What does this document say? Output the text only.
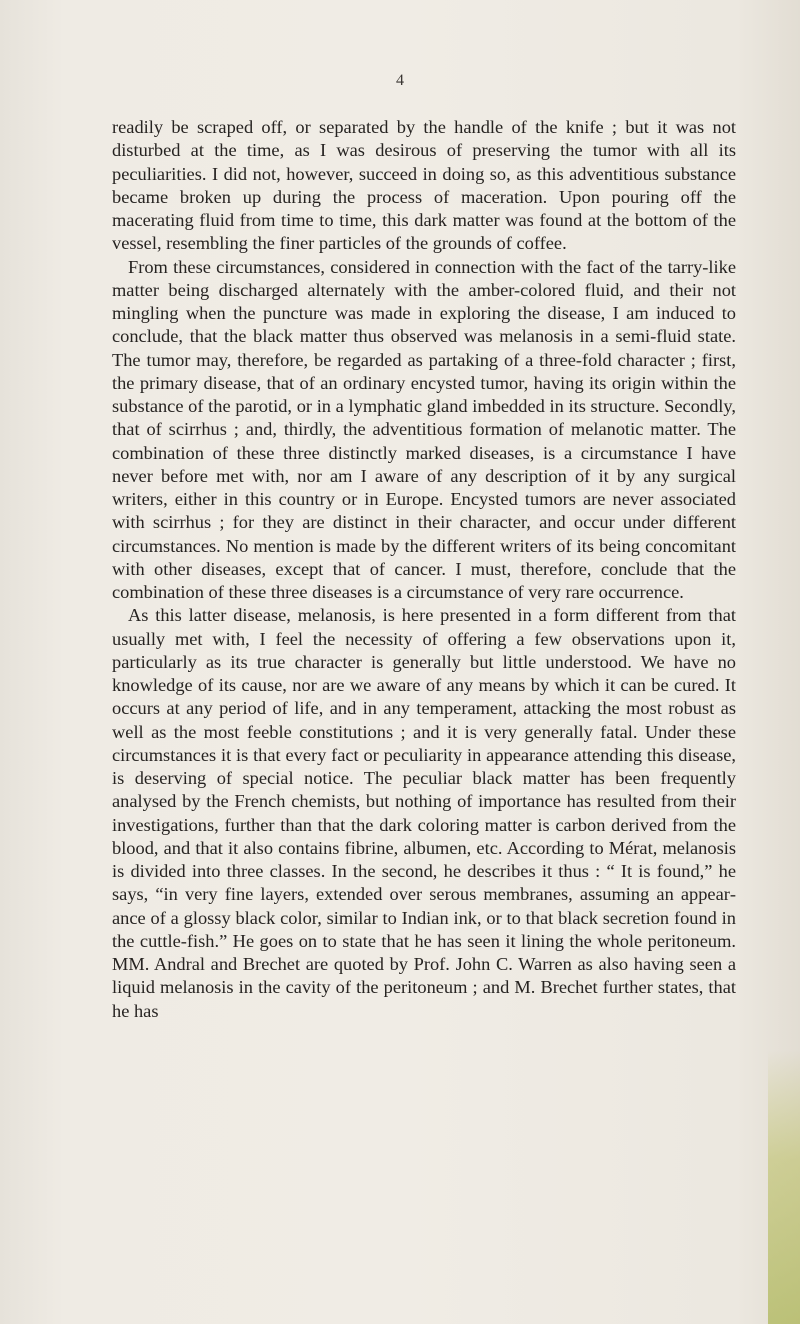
4

readily be scraped off, or separated by the handle of the knife ; but it was not disturbed at the time, as I was desirous of preserving the tumor with all its peculiarities. I did not, however, succeed in doing so, as this adventitious substance became broken up during the process of maceration. Upon pouring off the macerating fluid from time to time, this dark matter was found at the bottom of the vessel, resembling the finer particles of the grounds of coffee.

From these circumstances, considered in connection with the fact of the tarry-like matter being discharged alternately with the amber-colored fluid, and their not mingling when the puncture was made in exploring the disease, I am induced to conclude, that the black matter thus observed was melanosis in a semi-fluid state. The tumor may, therefore, be regarded as partaking of a three-fold character ; first, the primary disease, that of an ordinary encysted tumor, having its origin within the substance of the parotid, or in a lymphatic gland imbedded in its structure. Secondly, that of scirrhus ; and, thirdly, the adventitious formation of melanotic matter. The combination of these three distinctly marked diseases, is a circumstance I have never before met with, nor am I aware of any description of it by any surgical writers, either in this country or in Europe. Encysted tumors are never associated with scirrhus ; for they are distinct in their character, and occur under different circumstances. No mention is made by the different writers of its being concomitant with other diseases, except that of cancer. I must, therefore, conclude that the combination of these three diseases is a circumstance of very rare occurrence.

As this latter disease, melanosis, is here presented in a form different from that usually met with, I feel the necessity of offering a few observations upon it, particularly as its true character is generally but little understood. We have no knowledge of its cause, nor are we aware of any means by which it can be cured. It occurs at any period of life, and in any temperament, attacking the most robust as well as the most feeble constitutions ; and it is very generally fatal. Under these circumstances it is that every fact or peculiarity in appearance attending this disease, is deserving of special notice. The peculiar black matter has been frequently analysed by the French chemists, but nothing of importance has resulted from their investigations, further than that the dark coloring matter is carbon derived from the blood, and that it also contains fibrine, albumen, etc. According to Mérat, melanosis is divided into three classes. In the second, he describes it thus : “ It is found,” he says, “in very fine layers, extended over serous membranes, assuming an appearance of a glossy black color, similar to Indian ink, or to that black secretion found in the cuttle-fish.” He goes on to state that he has seen it lining the whole peritoneum. MM. Andral and Brechet are quoted by Prof. John C. Warren as also having seen a liquid melanosis in the cavity of the peritoneum ; and M. Brechet further states, that he has
